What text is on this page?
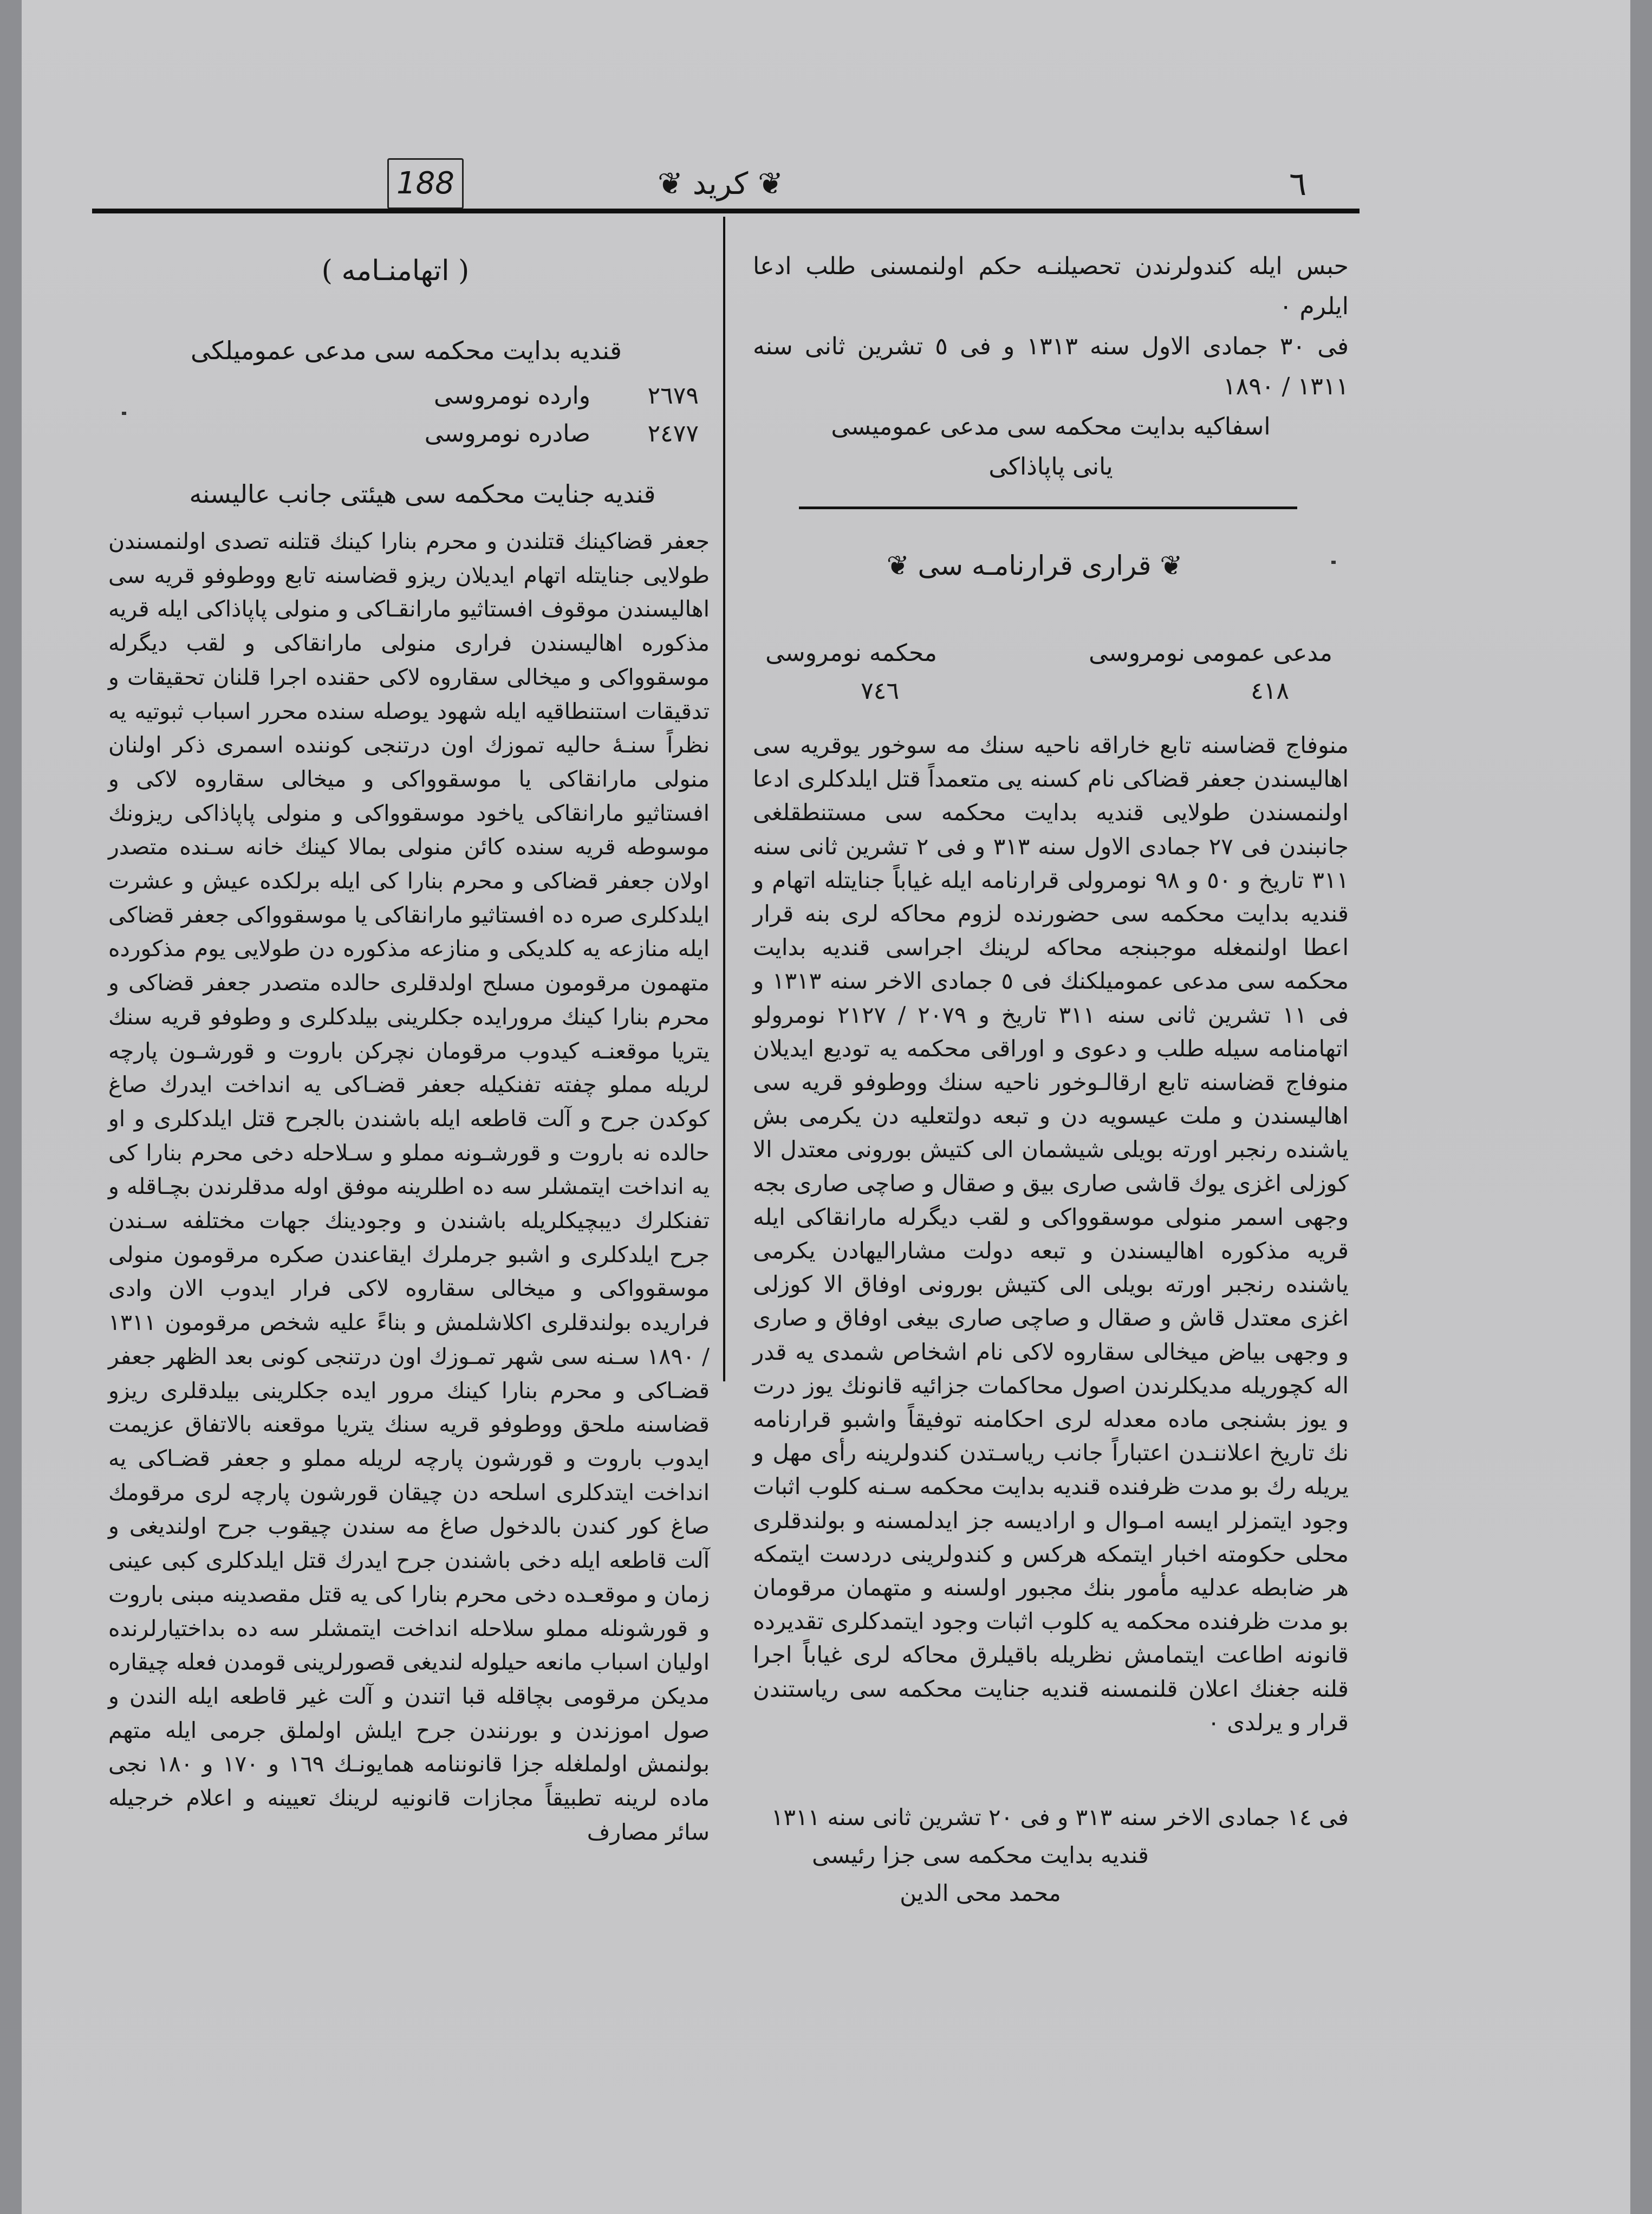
188	❦ کرید ❦	٦

حبس ایله کندولرندن تحصیلنـه حکم اولنمسنی طلب ادعا ایلرم ۰

فی ۳۰ جمادی الاول سنه ۱۳۱۳ و فی ٥ تشرین ثانی سنه ۱۳۱۱ / ۱۸۹۰

اسفاکیه بدایت محکمه سی مدعی عمومیسی

یانی پاپاذاکی

❦ قراری قرارنامـه سی ❦
مدعی عمومی نومروسی
محکمه نومروسی
٤١٨
٧٤٦
منوفاج قضاسنه تابع خاراقه ناحیه سنك مه سوخور یوقریه سی اهالیسندن جعفر قضاکی نام کسنه یی متعمداً قتل ایلدکلری ادعا اولنمسندن طولایی قندیه بدایت محکمه سی مستنطقلغی جانبندن فی ٢٧ جمادی الاول سنه ۳۱۳ و فی ٢ تشرین ثانی سنه ۳۱۱ تاریخ و ٥۰ و ۹۸ نومرولی قرارنامه ایله غیاباً جنایتله اتهام و قندیه بدایت محکمه سی حضورنده لزوم محاکه لری بنه قرار اعطا اولنمغله موجبنجه محاکه لرینك اجراسی قندیه بدایت محکمه سی مدعی عمومیلکنك فی ٥ جمادی الاخر سنه ۱۳۱۳ و فی ۱۱ تشرین ثانی سنه ۳۱۱ تاریخ و ۲۰۷۹ / ۲۱۲۷ نومرولو اتهامنامه سیله طلب و دعوی و اوراقی محکمه یه تودیع ایدیلان منوفاج قضاسنه تابع ارقالـوخور ناحیه سنك ووطوفو قریه سی اهالیسندن و ملت عیسویه دن و تبعه دولتعلیه دن یکرمی بش یاشنده رنجبر اورته بویلی شیشمان الی کتیش بورونی معتدل الا کوزلی اغزی یوك قاشی صاری بیق و صقال و صاچی صاری بجه وجهی اسمر منولی موسقوواکی و لقب دیگرله مارانقاکی ایله قریه مذکوره اهالیسندن و تبعه دولت مشارالیهادن یکرمی یاشنده رنجبر اورته بویلی الی کتیش بورونی اوفاق الا کوزلی اغزی معتدل قاش و صقال و صاچی صاری بیغی اوفاق و صاری و وجهی بیاض میخالی سقاروه لاکی نام اشخاص شمدی یه قدر اله کچوریله مدیکلرندن اصول محاکمات جزائیه قانونك یوز درت و یوز بشنجی ماده معدله لری احکامنه توفیقاً واشبو قرارنامه نك تاریخ اعلاننـدن اعتباراً جانب ریاسـتدن کندولرینه رأی مهل و یریله رك بو مدت ظرفنده قندیه بدایت محکمه سـنه کلوب اثبات وجود ایتمزلر ایسه امـوال و ارادیسه جز ایدلمسنه و بولندقلری محلی حکومته اخبار ایتمکه هرکس و کندولرینی دردست ایتمکه هر ضابطه عدلیه مأمور بنك مجبور اولسنه و متهمان مرقومان بو مدت ظرفنده محکمه یه کلوب اثبات وجود ایتمدکلری تقدیرده قانونه اطاعت ایتمامش نظریله باقیلرق محاکه لری غیاباً اجرا قلنه جغنك اعلان قلنمسنه قندیه جنایت محکمه سی ریاستندن قرار و یرلدی ۰
فی ۱٤ جمادی الاخر سنه ۳۱۳ و فی ۲۰ تشرین ثانی سنه ۱۳۱۱
قندیه بدایت محکمه سی جزا رئیسی
محمد محی الدین
( اتهامنـامه )
قندیه بدایت محکمه سی مدعی عمومیلکی
۲٦٧۹
وارده نومروسی
۲٤٧٧
صادره نومروسی
قندیه جنایت محکمه سی هیئتی جانب عالیسنه
جعفر قضاکینك قتلندن و محرم بنارا کینك قتلنه تصدی اولنمسندن طولایی جنایتله اتهام ایدیلان ریزو قضاسنه تابع ووطوفو قریه سی اهالیسندن موقوف افستاثیو مارانقـاکی و منولی پاپاذاکی ایله قریه مذکوره اهالیسندن فراری منولی مارانقاکی و لقب دیگرله موسقوواکی و میخالی سقاروه لاکی حقنده اجرا قلنان تحقیقات و تدقیقات استنطاقیه ایله شهود یوصله سنده محرر اسباب ثبوتیه یه نظراً سنـهٔ حالیه تموزك اون درتنجی کوننده اسمری ذکر اولنان منولی مارانقاکی یا موسقوواکی و میخالی سقاروه لاکی و افستاثیو مارانقاکی یاخود موسقوواکی و منولی پاپاذاکی ریزونك موسوطه قریه سنده کائن منولی بمالا کینك خانه سـنده متصدر اولان جعفر قضاکی و محرم بنارا کی ایله برلکده عیش و عشرت ایلدکلری صره ده افستاثیو مارانقاکی یا موسقوواکی جعفر قضاکی ایله منازعه یه کلدیکی و منازعه مذکوره دن طولایی یوم مذکورده متهمون مرقومون مسلح اولدقلری حالده متصدر جعفر قضاکی و محرم بنارا کینك مرورایده جکلرینی بیلدکلری و وطوفو قریه سنك یتریا موقعنـه کیدوب مرقومان نچرکن باروت و قورشـون پارچه لریله مملو چفته تفنکیله جعفر قضـاکی یه انداخت ایدرك صاغ کوکدن جرح و آلت قاطعه ایله باشندن بالجرح قتل ایلدکلری و او حالده نه باروت و قورشـونه مملو و سـلاحله دخی محرم بنارا کی یه انداخت ایتمشلر سه ده اطلرینه موفق اوله مدقلرندن بچـاقله و تفنکلرك دیبچیکلریله باشندن و وجودینك جهات مختلفه سـندن جرح ایلدکلری و اشبو جرملرك ایقاعندن صکره مرقومون منولی موسقوواکی و میخالی سقاروه لاکی فرار ایدوب الان وادی فراریده بولندقلری اکلاشلمش و بناءً علیه شخص مرقومون ۱۳۱۱ / ۱۸۹۰ سـنه سی شهر تمـوزك اون درتنجی کونی بعد الظهر جعفر قضـاکی و محرم بنارا کینك مرور ایده جکلرینی بیلدقلری ریزو قضاسنه ملحق ووطوفو قریه سنك یتریا موقعنه بالاتفاق عزیمت ایدوب باروت و قورشون پارچه لریله مملو و جعفر قضـاکی یه انداخت ایتدکلری اسلحه دن چیقان قورشون پارچه لری مرقومك صاغ کور کندن بالدخول صاغ مه سندن چیقوب جرح اولندیغی و آلت قاطعه ایله دخی باشندن جرح ایدرك قتل ایلدکلری کبی عینی زمان و موقعـده دخی محرم بنارا کی یه قتل مقصدینه مبنی باروت و قورشونله مملو سلاحله انداخت ایتمشلر سه ده بداختیارلرنده اولیان اسباب مانعه حیلوله لندیغی قصورلرینی قومدن فعله چیقاره مدیکن مرقومی بچاقله قبا اتندن و آلت غیر قاطعه ایله الندن و صول اموزندن و بورنندن جرح ایلش اولملق جرمی ایله متهم بولنمش اولملغله جزا قانوننامه همایونـك ۱٦۹ و ۱٧۰ و ۱۸۰ نجی ماده لرینه تطبیقاً مجازات قانونیه لرینك تعیینه و اعلام خرجیله سائر مصارف
